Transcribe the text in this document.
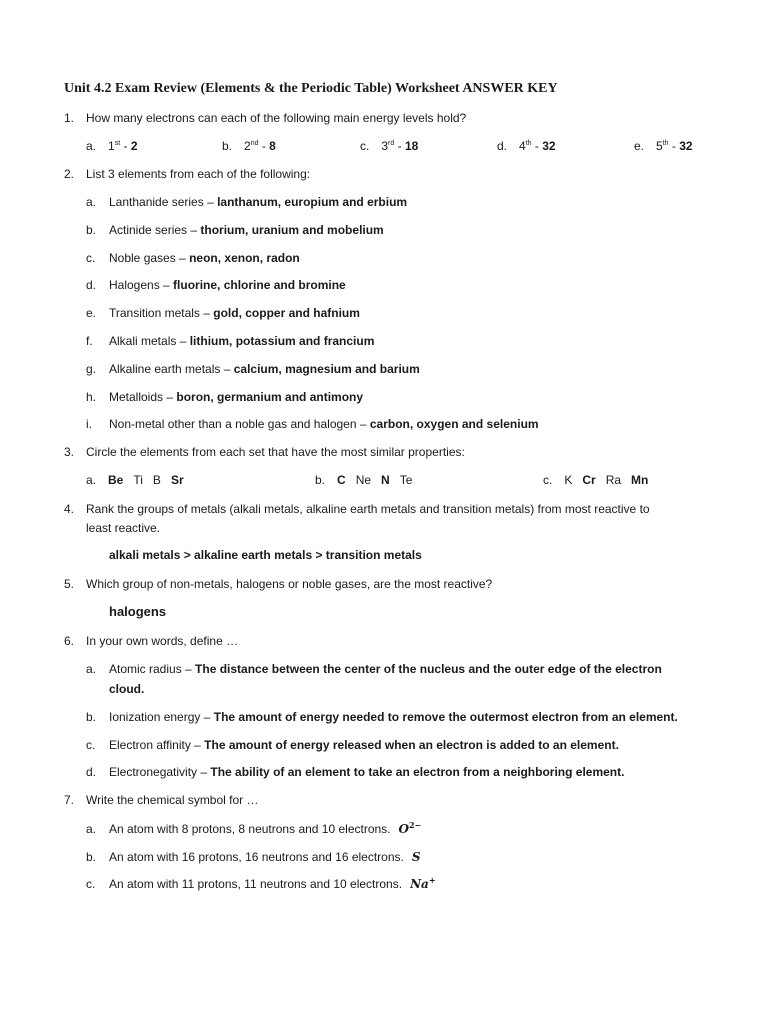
Unit 4.2 Exam Review (Elements & the Periodic Table) Worksheet ANSWER KEY
1. How many electrons can each of the following main energy levels hold?
a. 1st - 2	b. 2nd - 8	c. 3rd - 18	d. 4th - 32	e. 5th - 32
2. List 3 elements from each of the following:
a. Lanthanide series – lanthanum, europium and erbium
b. Actinide series – thorium, uranium and mobelium
c. Noble gases – neon, xenon, radon
d. Halogens – fluorine, chlorine and bromine
e. Transition metals – gold, copper and hafnium
f. Alkali metals – lithium, potassium and francium
g. Alkaline earth metals – calcium, magnesium and barium
h. Metalloids – boron, germanium and antimony
i. Non-metal other than a noble gas and halogen – carbon, oxygen and selenium
3. Circle the elements from each set that have the most similar properties:
a. Be Ti B Sr	b. C Ne N Te	c. K Cr Ra Mn
4. Rank the groups of metals (alkali metals, alkaline earth metals and transition metals) from most reactive to
least reactive.
alkali metals > alkaline earth metals > transition metals
5. Which group of non-metals, halogens or noble gases, are the most reactive?
halogens
6. In your own words, define …
a. Atomic radius – The distance between the center of the nucleus and the outer edge of the electron
cloud.
b. Ionization energy – The amount of energy needed to remove the outermost electron from an element.
c. Electron affinity – The amount of energy released when an electron is added to an element.
d. Electronegativity – The ability of an element to take an electron from a neighboring element.
7. Write the chemical symbol for …
a. An atom with 8 protons, 8 neutrons and 10 electrons. $O^{2-}$
b. An atom with 16 protons, 16 neutrons and 16 electrons. S
c. An atom with 11 protons, 11 neutrons and 10 electrons. Na+
